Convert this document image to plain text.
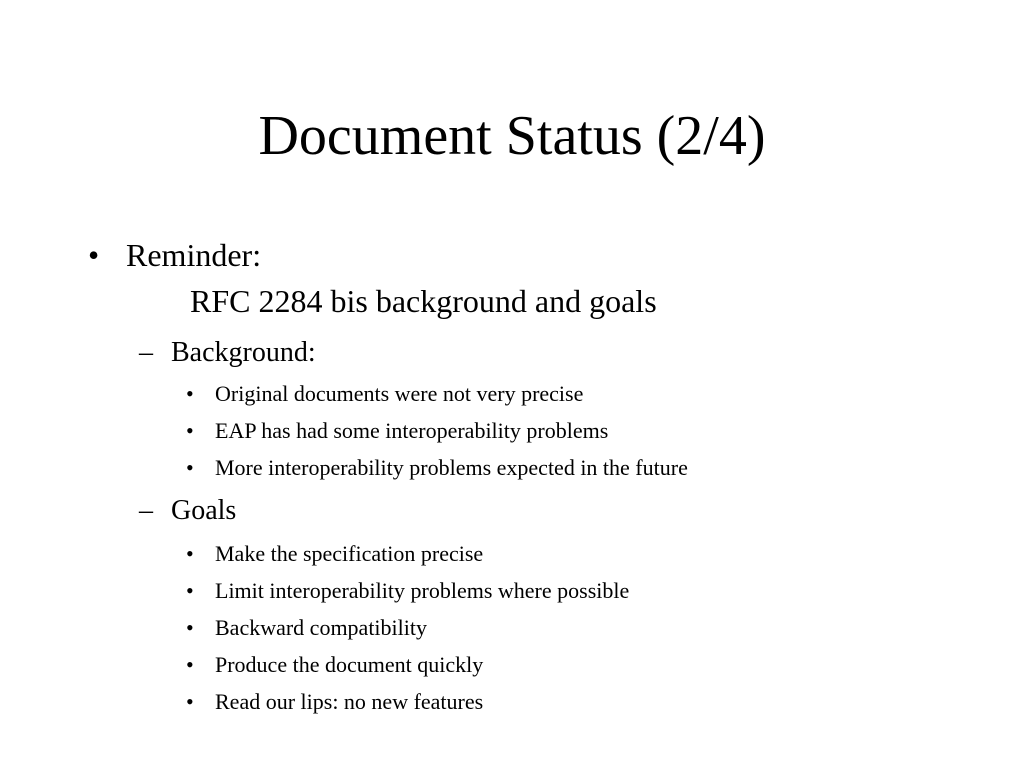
Document Status (2/4)
• Reminder:
RFC 2284 bis background and goals
– Background:
• Original documents were not very precise
• EAP has had some interoperability problems
• More interoperability problems expected in the future
– Goals
• Make the specification precise
• Limit interoperability problems where possible
• Backward compatibility
• Produce the document quickly
• Read our lips: no new features
